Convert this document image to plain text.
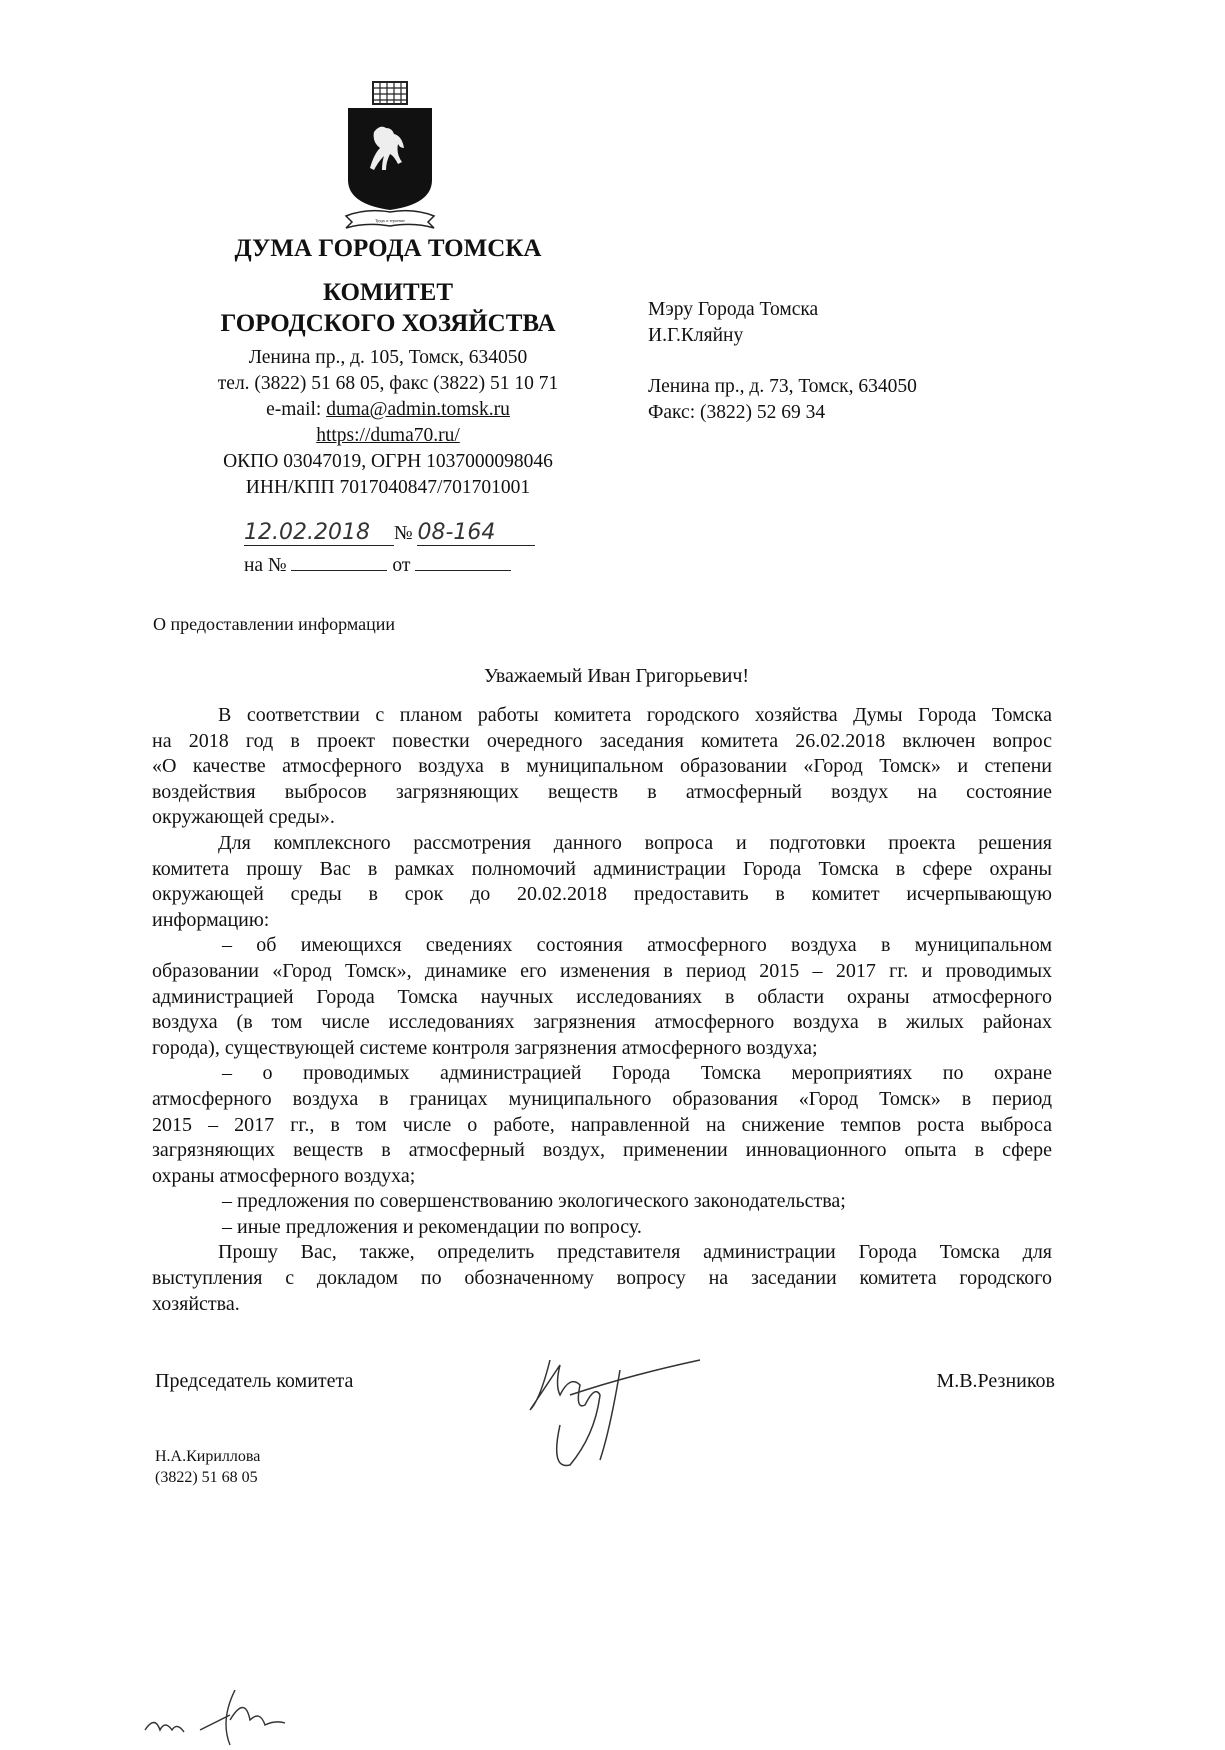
Трудъ и терпение
ДУМА ГОРОДА ТОМСКА
КОМИТЕТ
ГОРОДСКОГО ХОЗЯЙСТВА
Ленина пр., д. 105, Томск, 634050
тел. (3822) 51 68 05, факс (3822) 51 10 71
e-mail: duma@admin.tomsk.ru
https://duma70.ru/
ОКПО 03047019, ОГРН 1037000098046
ИНН/КПП 7017040847/701701001
12.02.2018 № 08-164
на №	от
Мэру Города Томска
И.Г.Кляйну
Ленина пр., д. 73, Томск, 634050
Факс: (3822) 52 69 34
О предоставлении информации
Уважаемый Иван Григорьевич!
В соответствии с планом работы комитета городского хозяйства Думы Города Томска
на 2018 год в проект повестки очередного заседания комитета 26.02.2018 включен вопрос
«О качестве атмосферного воздуха в муниципальном образовании «Город Томск» и степени
воздействия выбросов загрязняющих веществ в атмосферный воздух на состояние
окружающей среды».
Для комплексного рассмотрения данного вопроса и подготовки проекта решения
комитета прошу Вас в рамках полномочий администрации Города Томска в сфере охраны
окружающей среды в срок до 20.02.2018 предоставить в комитет исчерпывающую
информацию:
– об имеющихся сведениях состояния атмосферного воздуха в муниципальном
образовании «Город Томск», динамике его изменения в период 2015 – 2017 гг. и проводимых
администрацией Города Томска научных исследованиях в области охраны атмосферного
воздуха (в том числе исследованиях загрязнения атмосферного воздуха в жилых районах
города), существующей системе контроля загрязнения атмосферного воздуха;
– о проводимых администрацией Города Томска мероприятиях по охране
атмосферного воздуха в границах муниципального образования «Город Томск» в период
2015 – 2017 гг., в том числе о работе, направленной на снижение темпов роста выброса
загрязняющих веществ в атмосферный воздух, применении инновационного опыта в сфере
охраны атмосферного воздуха;
– предложения по совершенствованию экологического законодательства;
– иные предложения и рекомендации по вопросу.
Прошу Вас, также, определить представителя администрации Города Томска для
выступления с докладом по обозначенному вопросу на заседании комитета городского
хозяйства.
Председатель комитета	М.В.Резников
Н.А.Кириллова
(3822) 51 68 05
